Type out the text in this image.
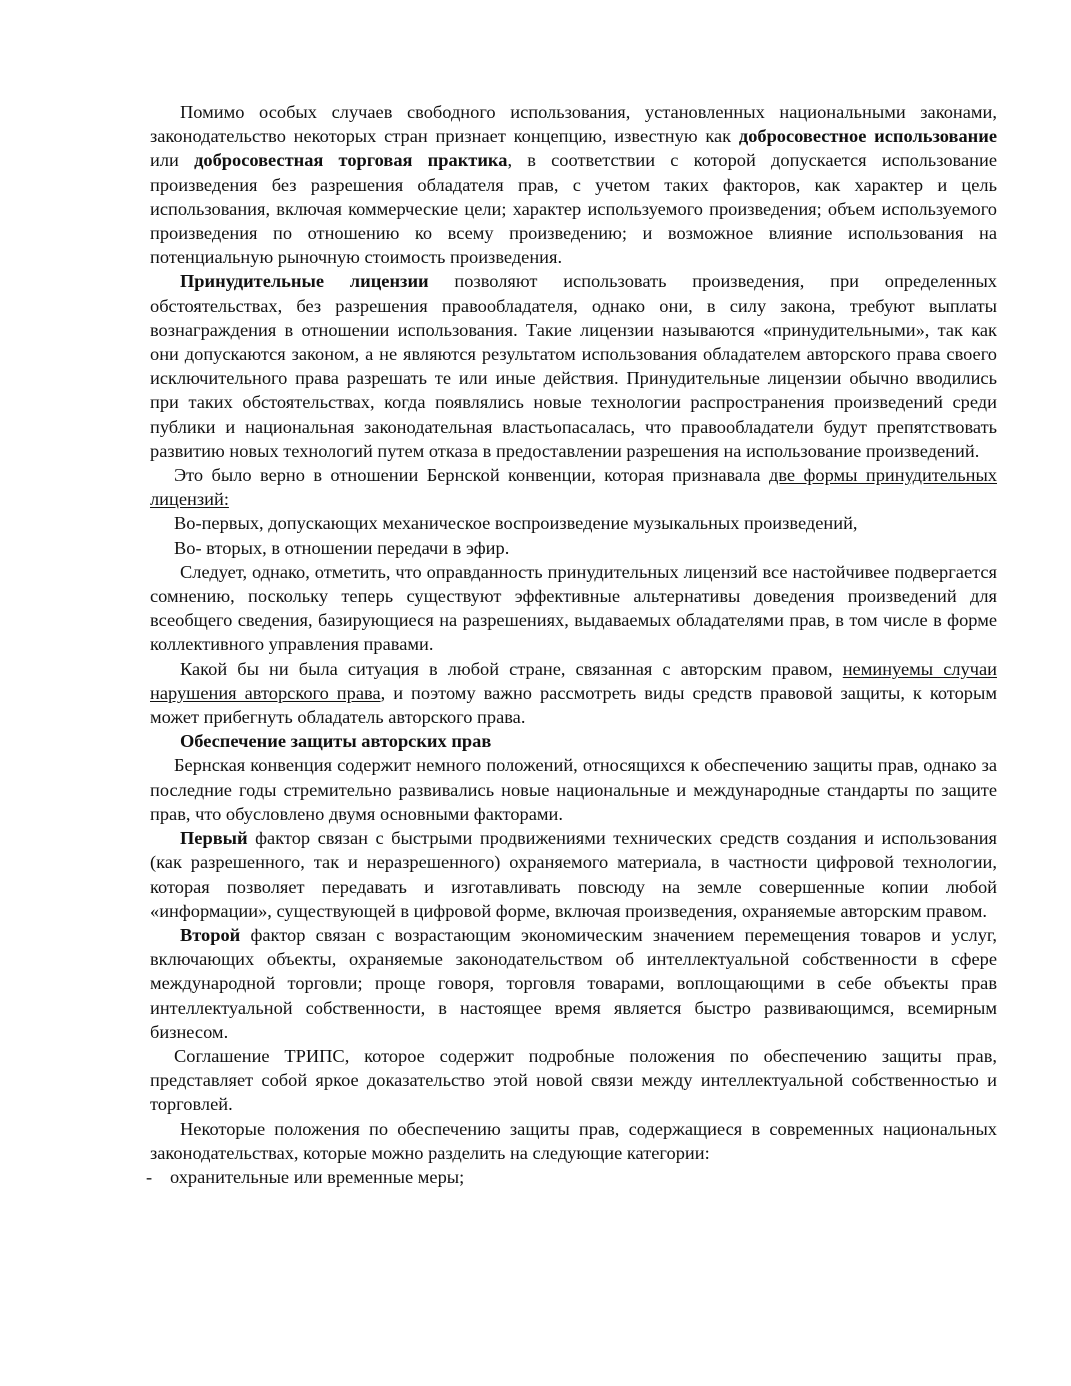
Помимо особых случаев свободного использования, установленных национальными законами, законодательство некоторых стран признает концепцию, известную как добросовестное использование или добросовестная торговая практика, в соответствии с которой допускается использование произведения без разрешения обладателя прав, с учетом таких факторов, как характер и цель использования, включая коммерческие цели; характер используемого произведения; объем используемого произведения по отношению ко всему произведению; и возможное влияние использования на потенциальную рыночную стоимость произведения.

Принудительные лицензии позволяют использовать произведения, при определенных обстоятельствах, без разрешения правообладателя, однако они, в силу закона, требуют выплаты вознаграждения в отношении использования. Такие лицензии называются «принудительными», так как они допускаются законом, а не являются результатом использования обладателем авторского права своего исключительного права разрешать те или иные действия. Принудительные лицензии обычно вводились при таких обстоятельствах, когда появлялись новые технологии распространения произведений среди публики и национальная законодательная властьопасалась, что правообладатели будут препятствовать развитию новых технологий путем отказа в предоставлении разрешения на использование произведений.

Это было верно в отношении Бернской конвенции, которая признавала две формы принудительных лицензий:

Во-первых, допускающих механическое воспроизведение музыкальных произведений,

Во- вторых, в отношении передачи в эфир.

Следует, однако, отметить, что оправданность принудительных лицензий все настойчивее подвергается сомнению, поскольку теперь существуют эффективные альтернативы доведения произведений для всеобщего сведения, базирующиеся на разрешениях, выдаваемых обладателями прав, в том числе в форме коллективного управления правами.

Какой бы ни была ситуация в любой стране, связанная с авторским правом, неминуемы случаи нарушения авторского права, и поэтому важно рассмотреть виды средств правовой защиты, к которым может прибегнуть обладатель авторского права.

Обеспечение защиты авторских прав

Бернская конвенция содержит немного положений, относящихся к обеспечению защиты прав, однако за последние годы стремительно развивались новые национальные и международные стандарты по защите прав, что обусловлено двумя основными факторами.

Первый фактор связан с быстрыми продвижениями технических средств создания и использования (как разрешенного, так и неразрешенного) охраняемого материала, в частности цифровой технологии, которая позволяет передавать и изготавливать повсюду на земле совершенные копии любой «информации», существующей в цифровой форме, включая произведения, охраняемые авторским правом.

Второй фактор связан с возрастающим экономическим значением перемещения товаров и услуг, включающих объекты, охраняемые законодательством об интеллектуальной собственности в сфере международной торговли; проще говоря, торговля товарами, воплощающими в себе объекты прав интеллектуальной собственности, в настоящее время является быстро развивающимся, всемирным бизнесом.

Соглашение ТРИПС, которое содержит подробные положения по обеспечению защиты прав, представляет собой яркое доказательство этой новой связи между интеллектуальной собственностью и торговлей.

Некоторые положения по обеспечению защиты прав, содержащиеся в современных национальных законодательствах, которые можно разделить на следующие категории:

- охранительные или временные меры;
